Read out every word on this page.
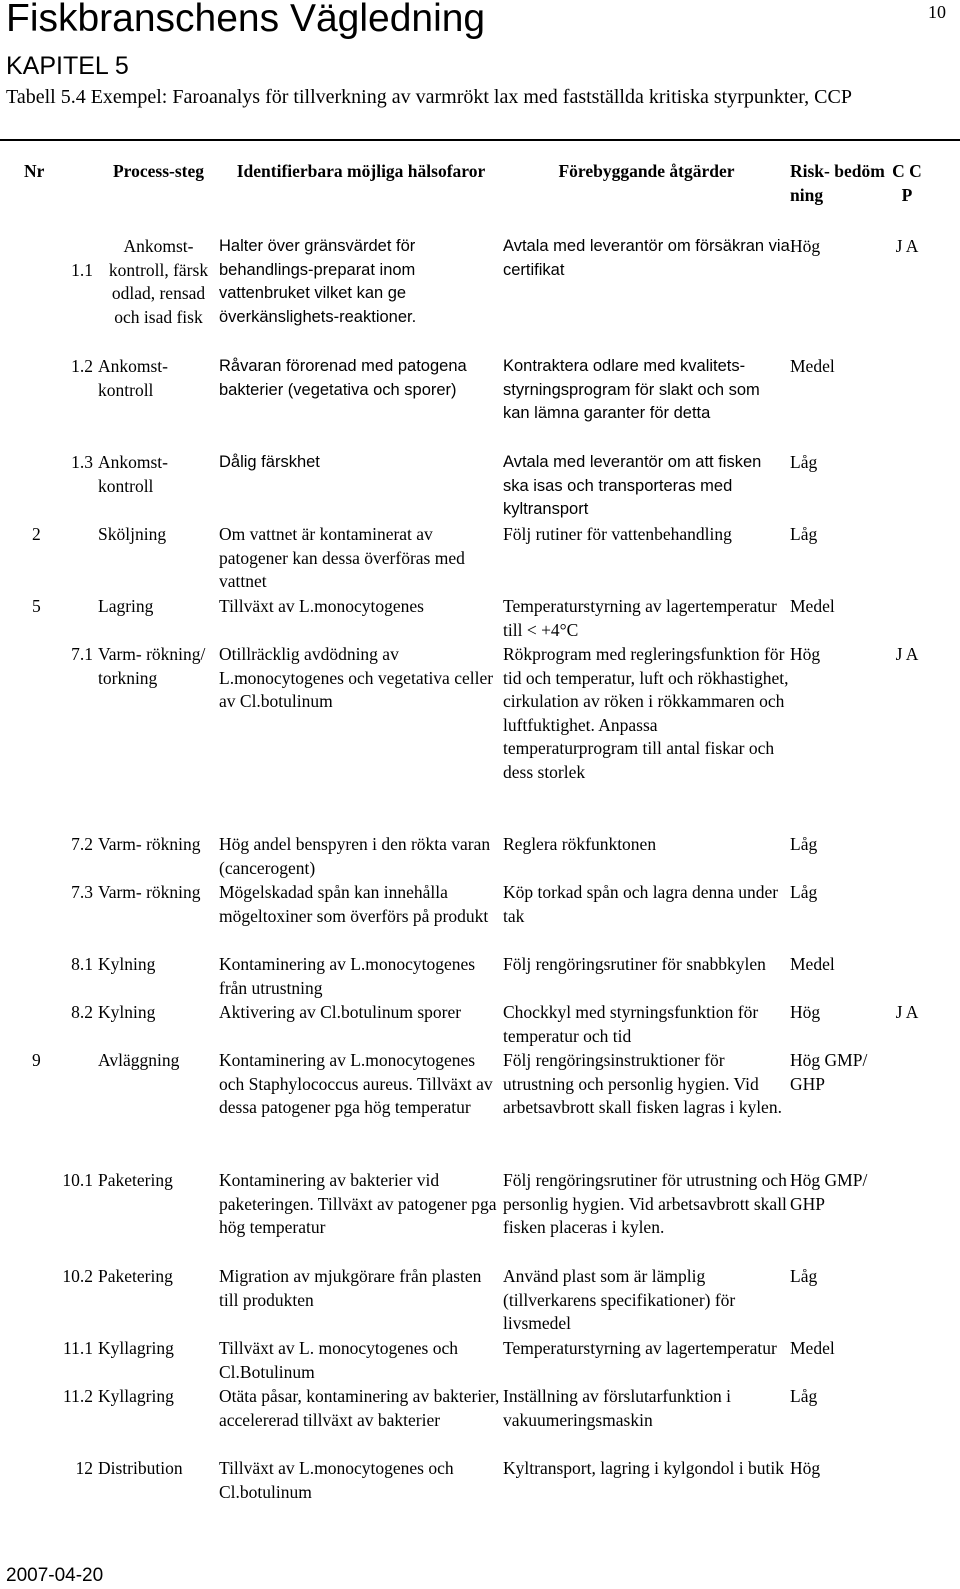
Fiskbranschens Vägledning	10
KAPITEL 5
Tabell 5.4 Exempel: Faroanalys för tillverkning av varmrökt lax med fastställda kritiska styrpunkter, CCP
Nr	Process-steg	Identifierbara möjliga hälsofaror	Förebyggande åtgärder	Risk- bedöm ning	C C P
1.1	Ankomst- kontroll, färsk odlad, rensad och isad fisk	Halter över gränsvärdet för behandlings-preparat inom vattenbruket vilket kan ge överkänslighets-reaktioner.	Avtala med leverantör om försäkran via certifikat	Hög	J A
1.2	Ankomst- kontroll	Råvaran förorenad med patogena bakterier (vegetativa och sporer)	Kontraktera odlare med kvalitets-styrningsprogram för slakt och som kan lämna garanter för detta	Medel	
1.3	Ankomst- kontroll	Dålig färskhet	Avtala med leverantör om att fisken ska isas och transporteras med kyltransport	Låg	
2	Sköljning	Om vattnet är kontaminerat av patogener kan dessa överföras med vattnet	Följ rutiner för vattenbehandling	Låg	
5	Lagring	Tillväxt av L.monocytogenes	Temperaturstyrning av lagertemperatur till < +4°C	Medel	
7.1	Varm- rökning/ torkning	Otillräcklig avdödning av L.monocytogenes och vegetativa celler av Cl.botulinum	Rökprogram med regleringsfunktion för tid och temperatur, luft och rökhastighet, cirkulation av röken i rökkammaren och luftfuktighet. Anpassa temperaturprogram till antal fiskar och dess storlek	Hög	J A
7.2	Varm- rökning	Hög andel benspyren i den rökta varan (cancerogent)	Reglera rökfunktonen	Låg	
7.3	Varm- rökning	Mögelskadad spån kan innehålla mögeltoxiner som överförs på produkt	Köp torkad spån och lagra denna under tak	Låg	
8.1	Kylning	Kontaminering av L.monocytogenes från utrustning	Följ rengöringsrutiner för snabbkylen	Medel	
8.2	Kylning	Aktivering av Cl.botulinum sporer	Chockkyl med styrningsfunktion för temperatur och tid	Hög	J A
9	Avläggning	Kontaminering av L.monocytogenes och Staphylococcus aureus. Tillväxt av dessa patogener pga hög temperatur	Följ rengöringsinstruktioner för utrustning och personlig hygien. Vid arbetsavbrott skall fisken lagras i kylen.	Hög GMP/ GHP	
10.1	Paketering	Kontaminering av bakterier vid paketeringen. Tillväxt av patogener pga hög temperatur	Följ rengöringsrutiner för utrustning och personlig hygien. Vid arbetsavbrott skall fisken placeras i kylen.	Hög GMP/ GHP	
10.2	Paketering	Migration av mjukgörare från plasten till produkten	Använd plast som är lämplig (tillverkarens specifikationer) för livsmedel	Låg	
11.1	Kyllagring	Tillväxt av L. monocytogenes och Cl.Botulinum	Temperaturstyrning av lagertemperatur	Medel	
11.2	Kyllagring	Otäta påsar, kontaminering av bakterier, accelererad tillväxt av bakterier	Inställning av förslutarfunktion i vakuumeringsmaskin	Låg	
12	Distribution	Tillväxt av L.monocytogenes och Cl.botulinum	Kyltransport, lagring i kylgondol i butik	Hög	
2007-04-20
